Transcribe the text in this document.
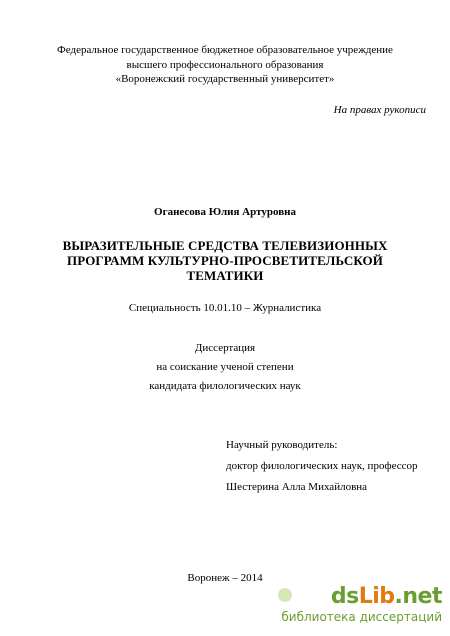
Федеральное государственное бюджетное образовательное учреждение
высшего профессионального образования
«Воронежский государственный университет»
На правах рукописи
Оганесова Юлия Артуровна
ВЫРАЗИТЕЛЬНЫЕ СРЕДСТВА ТЕЛЕВИЗИОННЫХ
ПРОГРАММ КУЛЬТУРНО-ПРОСВЕТИТЕЛЬСКОЙ
ТЕМАТИКИ
Специальность 10.01.10 – Журналистика
Диссертация
на соискание ученой степени
кандидата филологических наук
Научный руководитель:
доктор филологических наук, профессор
Шестерина Алла Михайловна
Воронеж – 2014
dsLib.net
библиотека диссертаций
